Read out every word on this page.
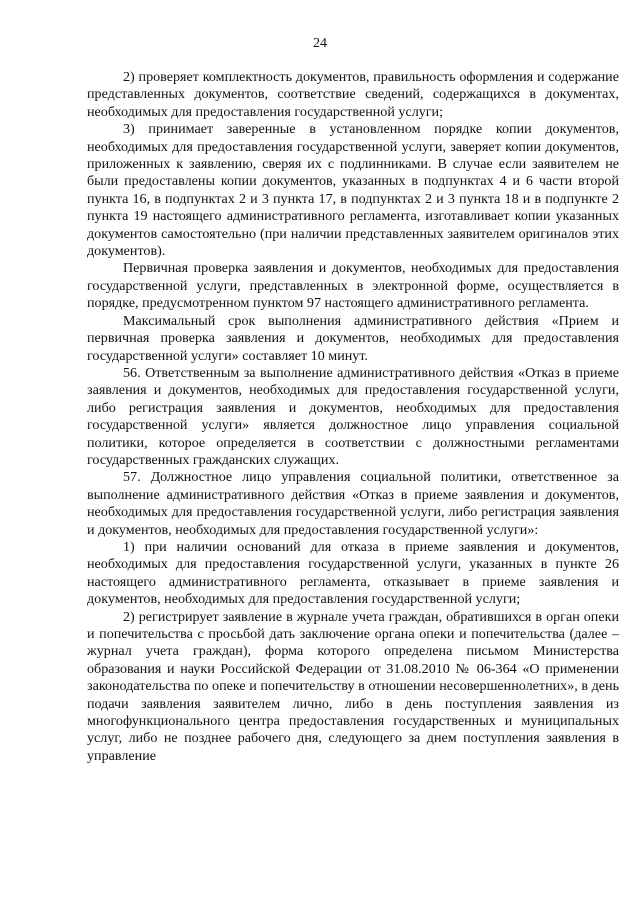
24

2) проверяет комплектность документов, правильность оформления и содержание представленных документов, соответствие сведений, содержащихся в документах, необходимых для предоставления государственной услуги;

3) принимает заверенные в установленном порядке копии документов, необходимых для предоставления государственной услуги, заверяет копии документов, приложенных к заявлению, сверяя их с подлинниками. В случае если заявителем не были предоставлены копии документов, указанных в подпунктах 4 и 6 части второй пункта 16, в подпунктах 2 и 3 пункта 17, в подпунктах 2 и 3 пункта 18 и в подпункте 2 пункта 19 настоящего административного регламента, изготавливает копии указанных документов самостоятельно (при наличии представленных заявителем оригиналов этих документов).

Первичная проверка заявления и документов, необходимых для предоставления государственной услуги, представленных в электронной форме, осуществляется в порядке, предусмотренном пунктом 97 настоящего административного регламента.

Максимальный срок выполнения административного действия «Прием и первичная проверка заявления и документов, необходимых для предоставления государственной услуги» составляет 10 минут.

56. Ответственным за выполнение административного действия «Отказ в приеме заявления и документов, необходимых для предоставления государственной услуги, либо регистрация заявления и документов, необходимых для предоставления государственной услуги» является должностное лицо управления социальной политики, которое определяется в соответствии с должностными регламентами государственных гражданских служащих.

57. Должностное лицо управления социальной политики, ответственное за выполнение административного действия «Отказ в приеме заявления и документов, необходимых для предоставления государственной услуги, либо регистрация заявления и документов, необходимых для предоставления государственной услуги»:

1) при наличии оснований для отказа в приеме заявления и документов, необходимых для предоставления государственной услуги, указанных в пункте 26 настоящего административного регламента, отказывает в приеме заявления и документов, необходимых для предоставления государственной услуги;

2) регистрирует заявление в журнале учета граждан, обратившихся в орган опеки и попечительства с просьбой дать заключение органа опеки и попечительства (далее – журнал учета граждан), форма которого определена письмом Министерства образования и науки Российской Федерации от 31.08.2010 № 06-364 «О применении законодательства по опеке и попечительству в отношении несовершеннолетних», в день подачи заявления заявителем лично, либо в день поступления заявления из многофункционального центра предоставления государственных и муниципальных услуг, либо не позднее рабочего дня, следующего за днем поступления заявления в управление
